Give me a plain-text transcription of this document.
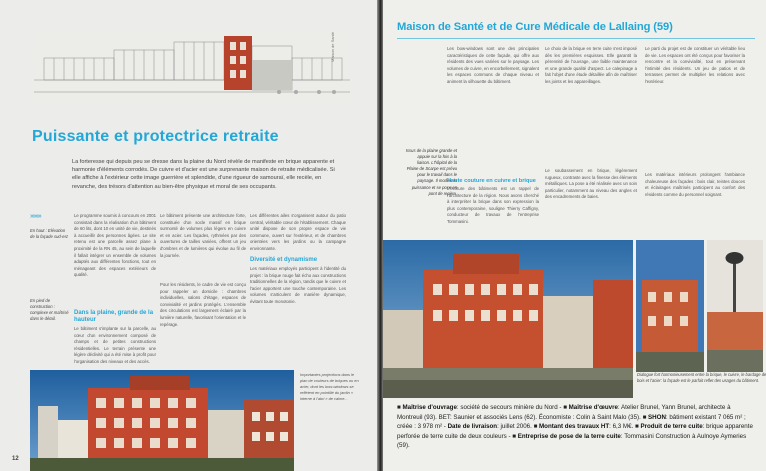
Maison de Santé
Puissante et protectrice retraite

La forteresse qui depuis peu se dresse dans la plaine du Nord révèle de manifeste en brique apparente et harmonie d'éléments corrodés. De cuivre et d'acier est une surprenante maison de retraite médicalisée. Si elle affiche à l'extérieur cette image guerrière et splendide, d'une rigueur de samouraï, elle recèle, en revanche, des trésors d'attention au bien-être physique et moral de ses occupants.

››››››››

En haut : Elévation de la façade sud-est

En pied de construction : complexe et maîtrisé dans le détail.

Le programme soumis à concours en 2001 consistait dans la réalisation d'un bâtiment de 60 lits, dont 10 en unité de vie, destinés à accueillir des personnes âgées. Le site retenu est une parcelle assez plane à proximité de la RN 45, au sein de laquelle il fallait intégrer un ensemble de volumes adaptés aux différentes fonctions, tout en ménageant des espaces extérieurs de qualité.

Dans la plaine, grande de la hauteur

Le bâtiment s'implante sur la parcelle, au cœur d'un environnement composé de champs et de petites constructions résidentielles. Le terrain présente une légère déclivité qui a été mise à profit pour l'organisation des niveaux et des accès.

Le bâtiment présente une architecture forte, constituée d'un socle massif en brique surmonté de volumes plus légers en cuivre et en acier. Les façades, rythmées par des ouvertures de tailles variées, offrent un jeu d'ombres et de lumières qui évolue au fil de la journée.

Pour les résidents, le cadre de vie est conçu pour rappeler un domicile : chambres individuelles, salons d'étage, espaces de convivialité et jardins protégés. L'ensemble des circulations est largement éclairé par la lumière naturelle, favorisant l'orientation et le repérage.

Les différentes ailes s'organisent autour du patio central, véritable cœur de l'établissement. Chaque unité dispose de son propre espace de vie commune, ouvert sur l'extérieur, et de chambres orientées vers les jardins ou la campagne environnante.

Diversité et dynamisme

Les matériaux employés participent à l'identité du projet : la brique rouge fait écho aux constructions traditionnelles de la région, tandis que le cuivre et l'acier apportent une touche contemporaine. Les volumes s'articulent de manière dynamique, évitant toute monotonie.

Importantes projections dans le plan de couleurs de briques ou en acier, dont les bow-windows se reflètent en pointillé du jardin « interne à l'abri » de calme...

12
Maison de Santé et de Cure Médicale de Lallaing (59)

Issus de la plaine grande et appuie sur la fois à la liaison. L'hôpital de la Plaine de Scarpe est prévu pour le travail dans le paysage. Il modèle la puissance et se pose en pont de repère.

Les bow-windows sont une des principales caractéristiques de cette façade, qui offre aux résidents des vues variées sur le paysage. Les volumes de cuivre, en encorbellement, signalent les espaces communs de chaque niveau et animent la silhouette du bâtiment.

Haute couture en cuivre et brique

L'écriture des bâtiments est un rappel de l'architecture de la région. Nous avons cherché à interpréter la brique dans son expression la plus contemporaine, souligne Thierry Caffigny, conducteur de travaux de l'entreprise Tommasini.

Le choix de la brique en terre cuite s'est imposé dès les premières esquisses. Elle garantit la pérennité de l'ouvrage, une faible maintenance et une grande qualité d'aspect. Le calepinage a fait l'objet d'une étude détaillée afin de maîtriser les joints et les appareillages.

Le soubassement en brique, légèrement rugueux, contraste avec la finesse des éléments métalliques. La pose a été réalisée avec un soin particulier, notamment au niveau des angles et des encadrements de baies.

Le parti du projet est de constituer un véritable lieu de vie. Les espaces ont été conçus pour favoriser la rencontre et la convivialité, tout en préservant l'intimité des résidents. Un jeu de patios et de terrasses permet de multiplier les relations avec l'extérieur.

Les matériaux intérieurs prolongent l'ambiance chaleureuse des façades : bois clair, teintes douces et éclairages maîtrisés participent au confort des résidents comme du personnel soignant.

Dialogue fort harmonieusement entre la brique, le cuivre, le bardage de bois et l'acier: la façade est le parfait reflet des usages du bâtiment.

■ Maîtrise d'ouvrage: société de secours minière du Nord - ■ Maîtrise d'œuvre: Atelier Brunel, Yann Brunel, architecte à Montreuil (93). BET: Saunier et associés Lens (62). Économiste : Colin à Saint Malo (35). ■ SHON: bâtiment existant 7 065 m² ; créée : 3 978 m² - Date de livraison: juillet 2006. ■ Montant des travaux HT: 6,3 M€. ■ Produit de terre cuite: brique apparente perforée de terre cuite de deux couleurs - ■ Entreprise de pose de la terre cuite: Tommasini Construction à Aulnoye Aymeries (59).
